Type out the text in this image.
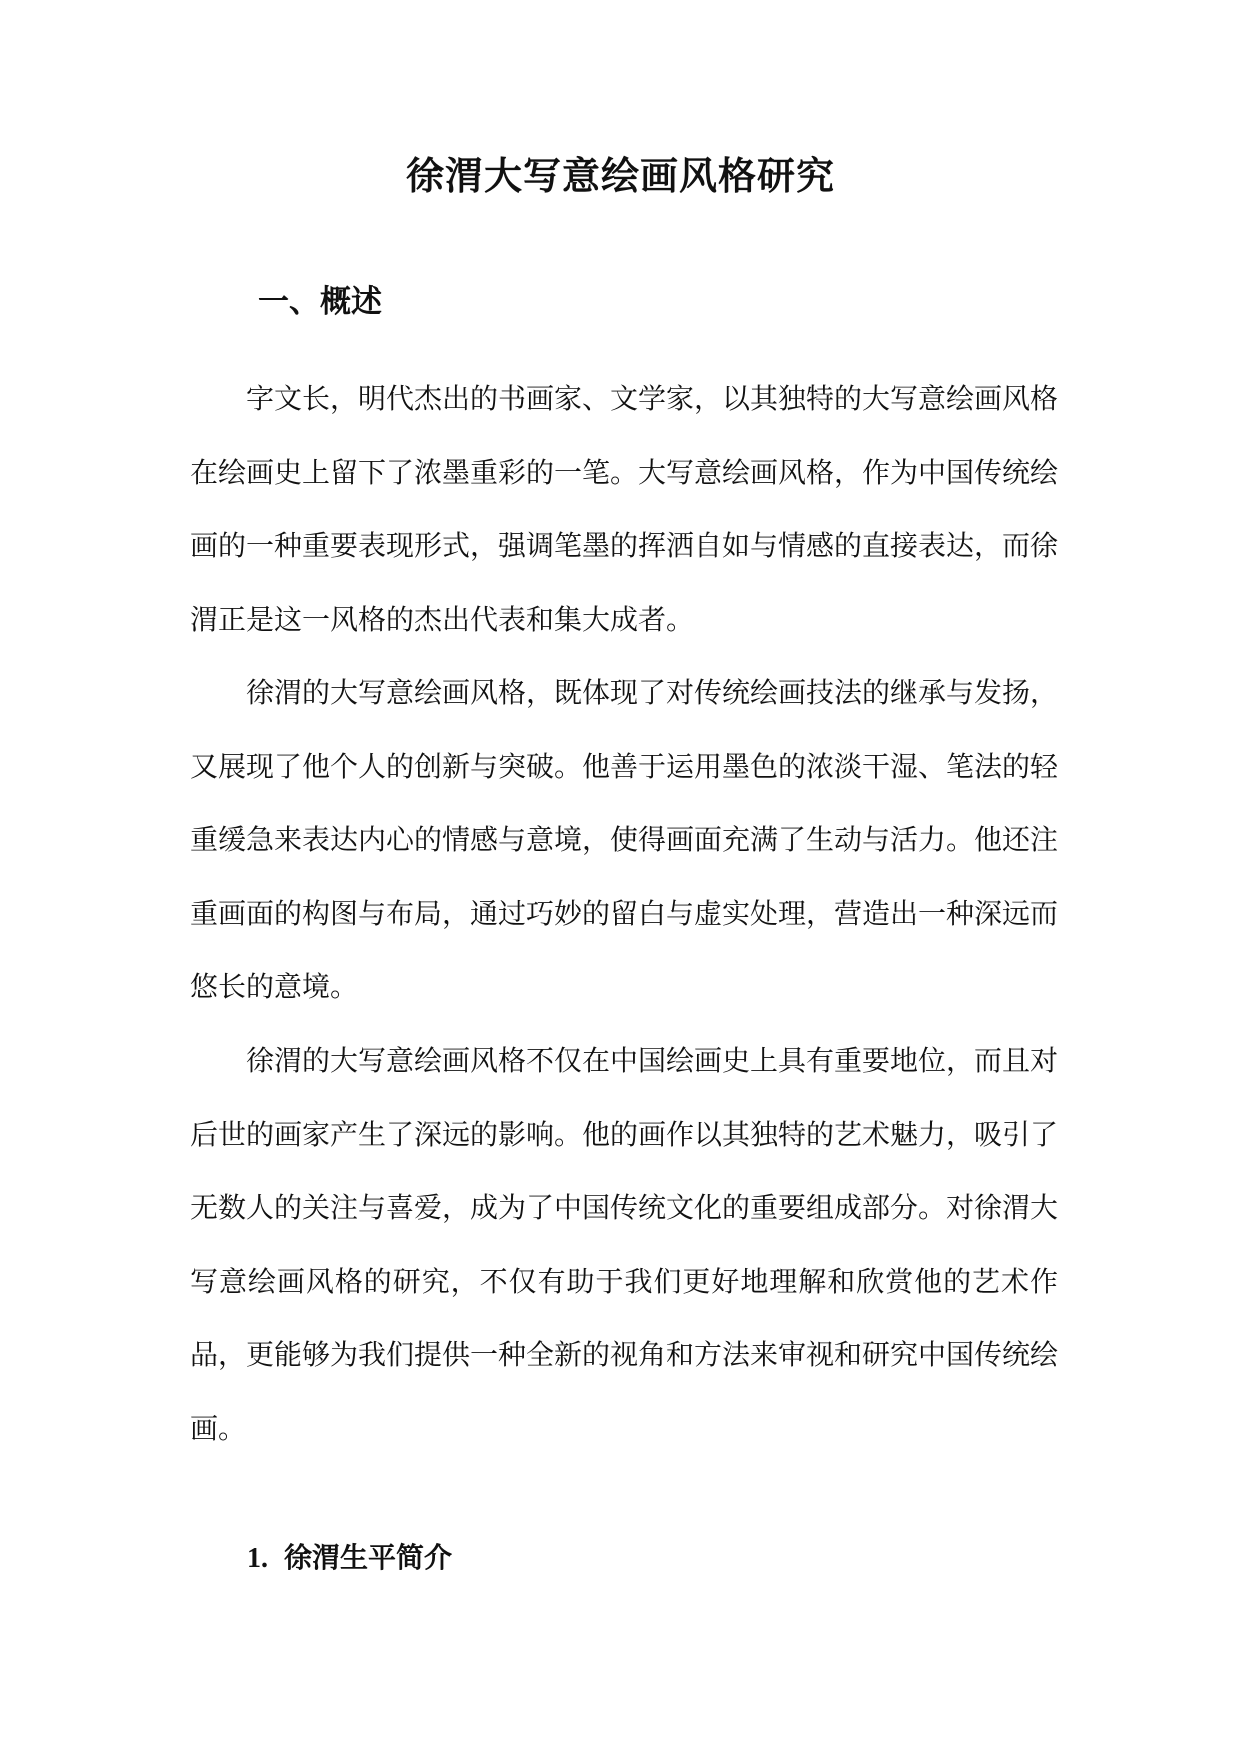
徐渭大写意绘画风格研究
一、概述

字文长，明代杰出的书画家、文学家，以其独特的大写意绘画风格在绘画史上留下了浓墨重彩的一笔。大写意绘画风格，作为中国传统绘画的一种重要表现形式，强调笔墨的挥洒自如与情感的直接表达，而徐渭正是这一风格的杰出代表和集大成者。

徐渭的大写意绘画风格，既体现了对传统绘画技法的继承与发扬，又展现了他个人的创新与突破。他善于运用墨色的浓淡干湿、笔法的轻重缓急来表达内心的情感与意境，使得画面充满了生动与活力。他还注重画面的构图与布局，通过巧妙的留白与虚实处理，营造出一种深远而悠长的意境。

徐渭的大写意绘画风格不仅在中国绘画史上具有重要地位，而且对后世的画家产生了深远的影响。他的画作以其独特的艺术魅力，吸引了无数人的关注与喜爱，成为了中国传统文化的重要组成部分。对徐渭大写意绘画风格的研究，不仅有助于我们更好地理解和欣赏他的艺术作品，更能够为我们提供一种全新的视角和方法来审视和研究中国传统绘画。

1. 徐渭生平简介
